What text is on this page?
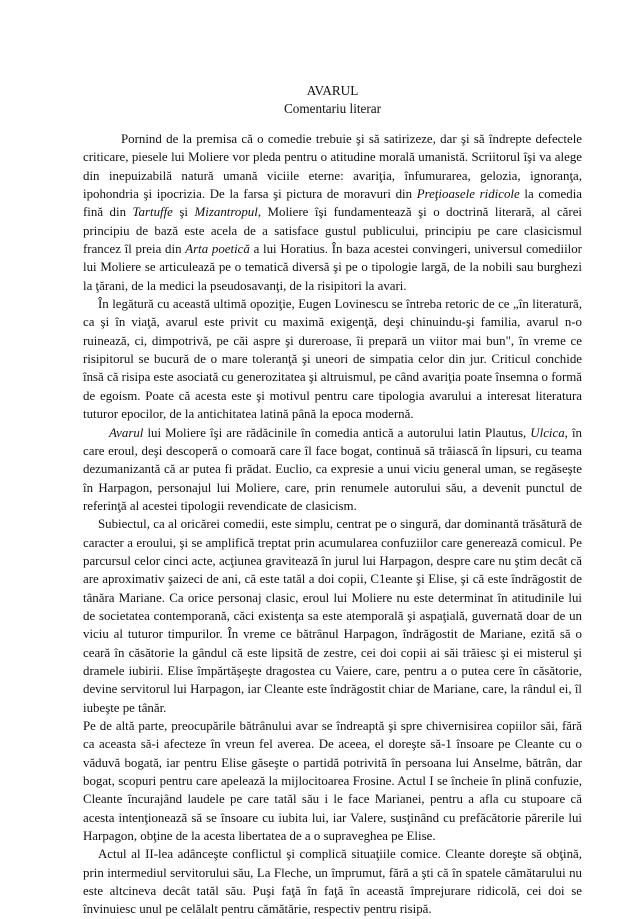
AVARUL
Comentariu literar

Pornind de la premisa că o comedie trebuie şi să satirizeze, dar şi să îndrepte defectele criticare, piesele lui Moliere vor pleda pentru o atitudine morală umanistă. Scriitorul îşi va alege din inepuizabilă natură umană viciile eterne: avariţia, înfumurarea, gelozia, ignoranţa, ipohondria şi ipocrizia. De la farsa şi pictura de moravuri din Preţioasele ridicole la comedia fină din Tartuffe şi Mizantropul, Moliere îşi fundamentează şi o doctrină literară, al cărei principiu de bază este acela de a satisface gustul publicului, principiu pe care clasicismul francez îl preia din Arta poetică a lui Horatius. În baza acestei convingeri, universul comediilor lui Moliere se articulează pe o tematică diversă şi pe o tipologie largă, de la nobili sau burghezi la ţărani, de la medici la pseudosavanţi, de la risipitori la avari.

În legătură cu această ultimă opoziţie, Eugen Lovinescu se întreba retoric de ce „în literatură, ca şi în viaţă, avarul este privit cu maximă exigenţă, deşi chinuindu-şi familia, avarul n-o ruinează, ci, dimpotrivă, pe căi aspre şi dureroase, îi prepară un viitor mai bun", în vreme ce risipitorul se bucură de o mare toleranţă şi uneori de simpatia celor din jur. Criticul conchide însă că risipa este asociată cu generozitatea şi altruismul, pe când avariţia poate însemna o formă de egoism. Poate că acesta este şi motivul pentru care tipologia avarului a interesat literatura tuturor epocilor, de la antichitatea latină până la epoca modernă.

Avarul lui Moliere îşi are rădăcinile în comedia antică a autorului latin Plautus, Ulcica, în care eroul, deşi descoperă o comoară care îl face bogat, continuă să trăiască în lipsuri, cu teama dezumanizantă că ar putea fi prădat. Euclio, ca expresie a unui viciu general uman, se regăseşte în Harpagon, personajul lui Moliere, care, prin renumele autorului său, a devenit punctul de referinţă al acestei tipologii revendicate de clasicism.

Subiectul, ca al oricărei comedii, este simplu, centrat pe o singură, dar dominantă trăsătură de caracter a eroului, şi se amplifică treptat prin acumularea confuziilor care generează comicul. Pe parcursul celor cinci acte, acţiunea gravitează în jurul lui Harpagon, despre care nu ştim decât că are aproximativ şaizeci de ani, că este tatăl a doi copii, C1eante şi Elise, şi că este îndrăgostit de tânăra Mariane. Ca orice personaj clasic, eroul lui Moliere nu este determinat în atitudinile lui de societatea contemporană, căci existenţa sa este atemporală şi aspaţială, guvernată doar de un viciu al tuturor timpurilor. În vreme ce bătrânul Harpagon, îndrăgostit de Mariane, ezită să o ceară în căsătorie la gândul că este lipsită de zestre, cei doi copii ai săi trăiesc şi ei misterul şi dramele iubirii. Elise împărtăşeşte dragostea cu Vaiere, care, pentru a o putea cere în căsătorie, devine servitorul lui Harpagon, iar Cleante este îndrăgostit chiar de Mariane, care, la rândul ei, îl iubeşte pe tânăr.

Pe de altă parte, preocupările bătrânului avar se îndreaptă şi spre chivernisirea copiilor săi, fără ca aceasta să-i afecteze în vreun fel averea. De aceea, el doreşte să-1 însoare pe Cleante cu o văduvă bogată, iar pentru Elise găseşte o partidă potrivită în persoana lui Anselme, bătrân, dar bogat, scopuri pentru care apelează la mijlocitoarea Frosine. Actul I se încheie în plină confuzie, Cleante încurajând laudele pe care tatăl său i le face Marianei, pentru a afla cu stupoare că acesta intenţionează să se însoare cu iubita lui, iar Valere, susţinând cu prefăcătorie părerile lui Harpagon, obţine de la acesta libertatea de a o supraveghea pe Elise.

Actul al II-lea adânceşte conflictul şi complică situaţiile comice. Cleante doreşte să obţină, prin intermediul servitorului său, La Fleche, un împrumut, fără a şti că în spatele cămătarului nu este altcineva decât tatăl său. Puşi faţă în faţă în această împrejurare ridicolă, cei doi se învinuiesc unul pe celălalt pentru cămătărie, respectiv pentru risipă.
